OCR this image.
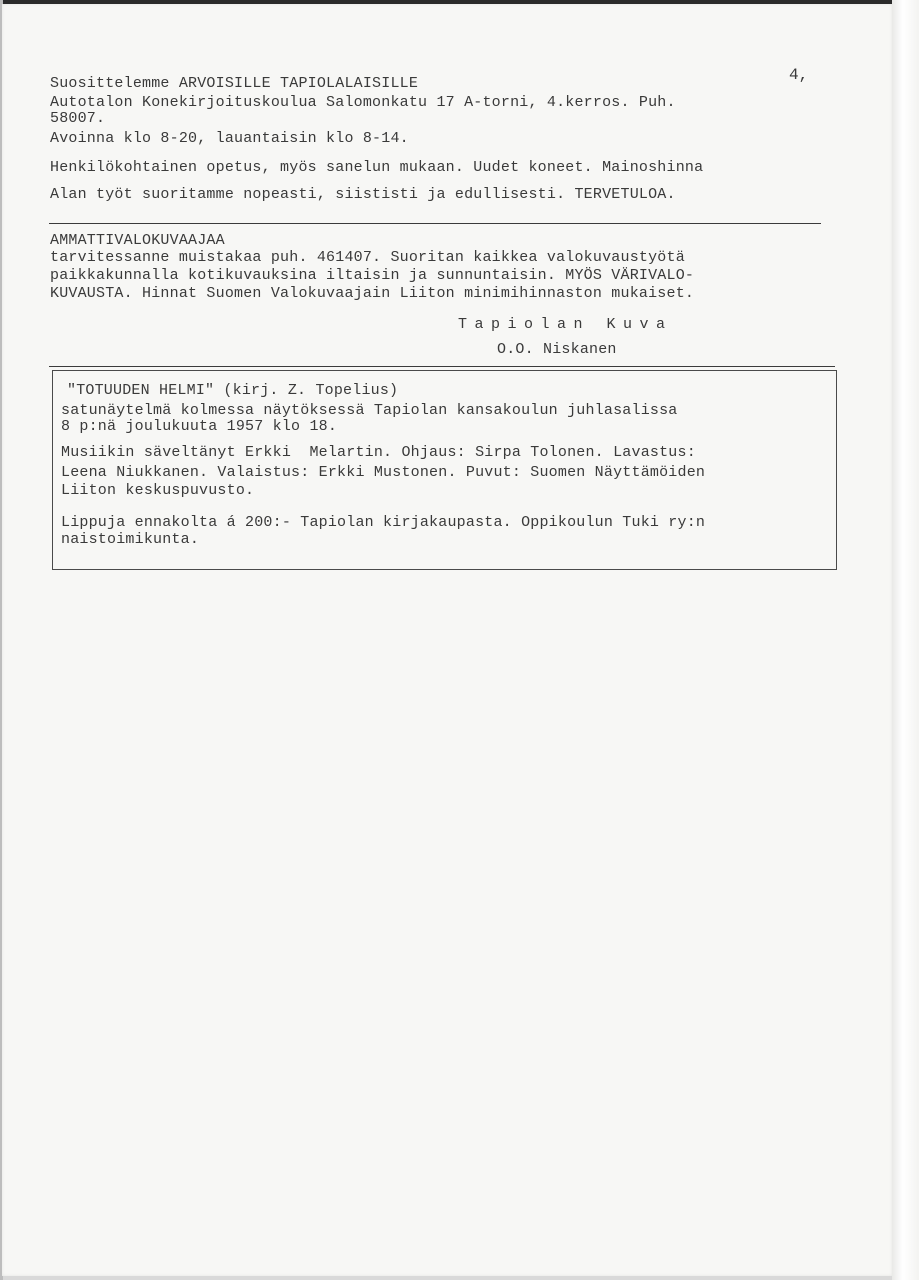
4,
Suosittelemme ARVOISILLE TAPIOLALAISILLE
Autotalon Konekirjoituskoulua Salomonkatu 17 A-torni, 4.kerros. Puh.
58007.
Avoinna klo 8-20, lauantaisin klo 8-14.
Henkilökohtainen opetus, myös sanelun mukaan. Uudet koneet. Mainoshinna
Alan työt suoritamme nopeasti, siististi ja edullisesti. TERVETULOA.
AMMATTIVALOKUVAAJAA
tarvitessanne muistakaa puh. 461407. Suoritan kaikkea valokuvaustyötä
paikkakunnalla kotikuvauksina iltaisin ja sunnuntaisin. MYÖS VÄRIVALO-
KUVAUSTA. Hinnat Suomen Valokuvaajain Liiton minimihinnaston mukaiset.
Tapiolan Kuva
O.O. Niskanen
"TOTUUDEN HELMI" (kirj. Z. Topelius)
satunäytelmä kolmessa näytöksessä Tapiolan kansakoulun juhlasalissa
8 p:nä joulukuuta 1957 klo 18.
Musiikin säveltänyt Erkki  Melartin. Ohjaus: Sirpa Tolonen. Lavastus:
Leena Niukkanen. Valaistus: Erkki Mustonen. Puvut: Suomen Näyttämöiden
Liiton keskuspuvusto.
Lippuja ennakolta á 200:- Tapiolan kirjakaupasta. Oppikoulun Tuki ry:n
naistoimikunta.
